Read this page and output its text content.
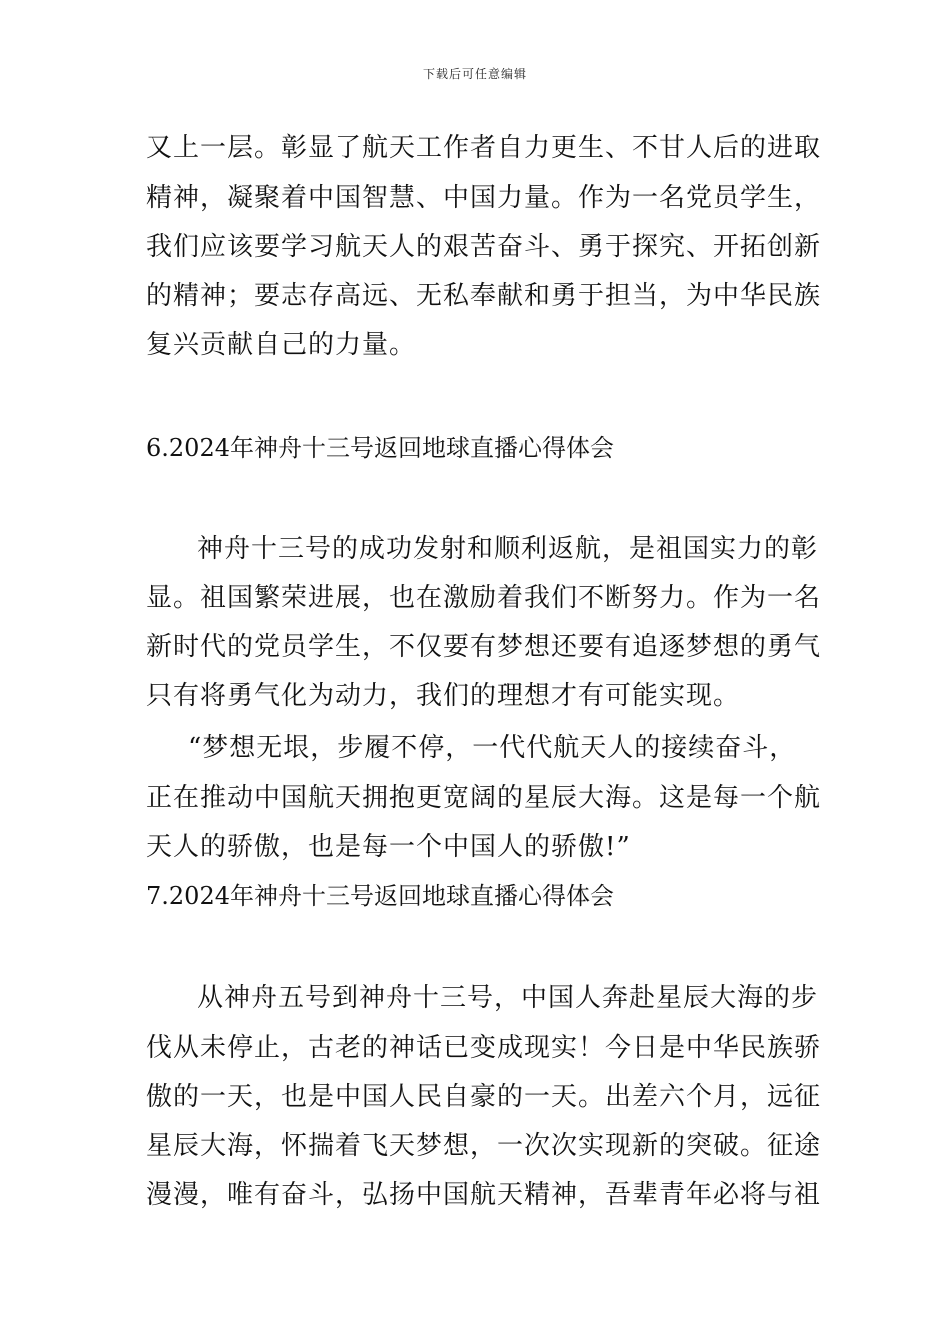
下载后可任意编辑
又上一层。彰显了航天工作者自力更生、不甘人后的进取
精神，凝聚着中国智慧、中国力量。作为一名党员学生，
我们应该要学习航天人的艰苦奋斗、勇于探究、开拓创新
的精神；要志存高远、无私奉献和勇于担当，为中华民族
复兴贡献自己的力量。
6.2024年神舟十三号返回地球直播心得体会
神舟十三号的成功发射和顺利返航，是祖国实力的彰
显。祖国繁荣进展，也在激励着我们不断努力。作为一名
新时代的党员学生，不仅要有梦想还要有追逐梦想的勇气
只有将勇气化为动力，我们的理想才有可能实现。
“梦想无垠，步履不停，一代代航天人的接续奋斗，
正在推动中国航天拥抱更宽阔的星辰大海。这是每一个航
天人的骄傲，也是每一个中国人的骄傲!”
7.2024年神舟十三号返回地球直播心得体会
从神舟五号到神舟十三号，中国人奔赴星辰大海的步
伐从未停止，古老的神话已变成现实！今日是中华民族骄
傲的一天，也是中国人民自豪的一天。出差六个月，远征
星辰大海，怀揣着飞天梦想，一次次实现新的突破。征途
漫漫，唯有奋斗，弘扬中国航天精神，吾辈青年必将与祖
